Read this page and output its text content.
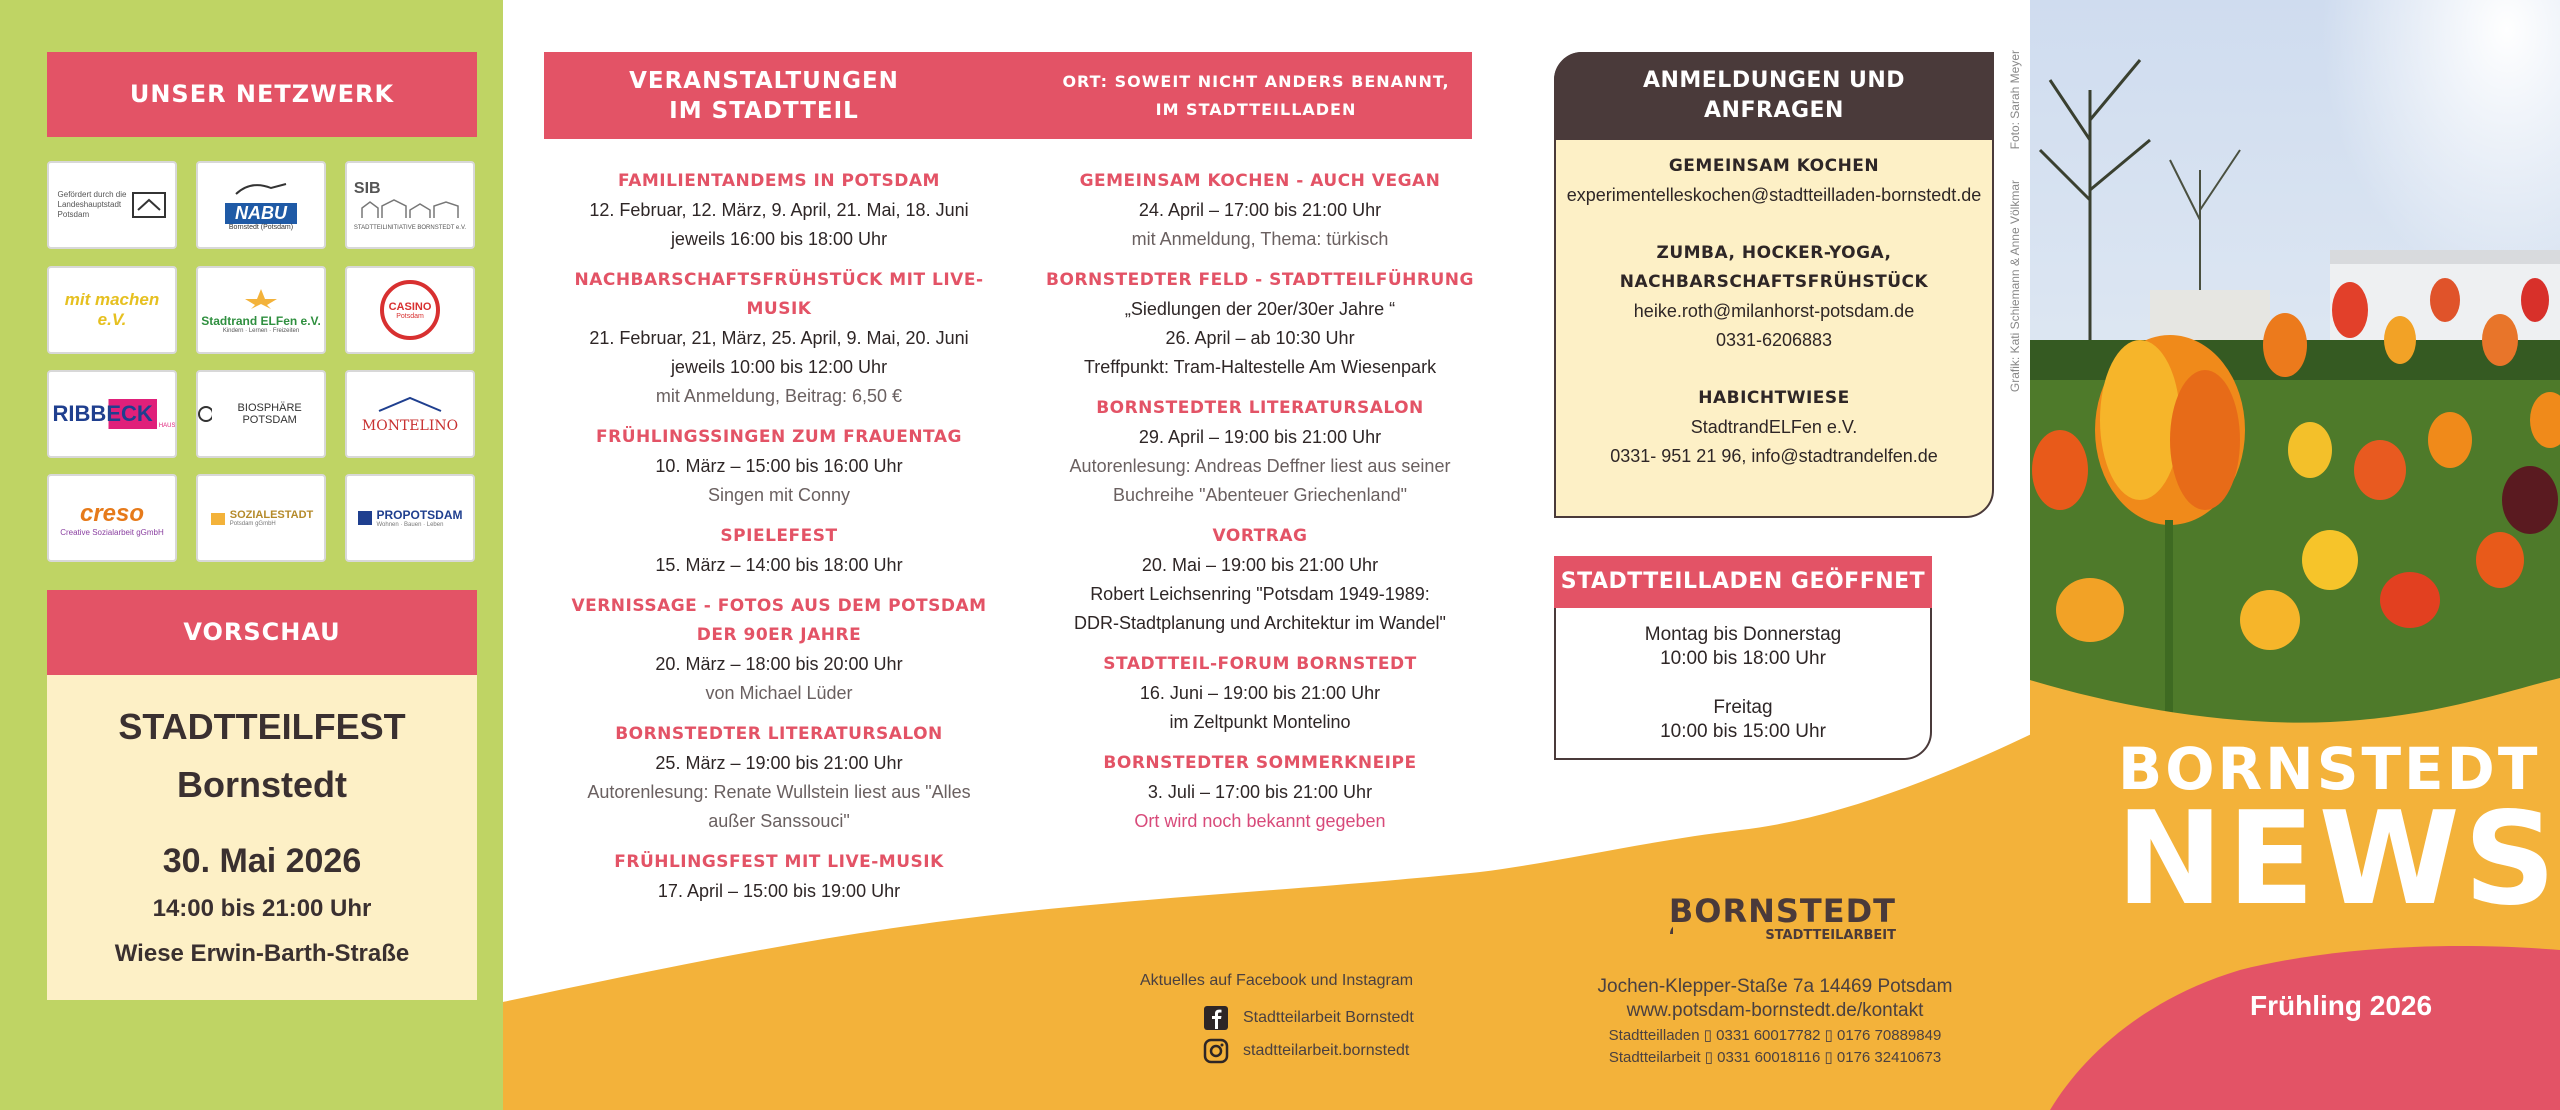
UNSER NETZWERK
Gefördert durch die
Landeshauptstadt
Potsdam	NABU
Bornstedt (Potsdam)
SIB
STADTTEILINITIATIVE BORNSTEDT e.V.
mit machen e.V.	Stadtrand ELFen e.V.
Kindern · Lernen · Freizeiten
CASINO
Potsdam
RIBBECK	HAUS
BIOSPHÄRE POTSDAM	MONTELINO
creso
Creative Sozialarbeit gGmbH
SOZIALESTADT
Potsdam gGmbH
PROPOTSDAM
Wohnen · Bauen · Leben
VORSCHAU
STADTTEILFEST
Bornstedt
30. Mai 2026
14:00 bis 21:00 Uhr
Wiese Erwin-Barth-Straße
VERANSTALTUNGEN
IM STADTTEIL
ORT: SOWEIT NICHT ANDERS BENANNT,
IM STADTTEILLADEN
FAMILIENTANDEMS IN POTSDAM
12. Februar, 12. März, 9. April, 21. Mai, 18. Juni
jeweils 16:00 bis 18:00 Uhr
NACHBARSCHAFTSFRÜHSTÜCK MIT LIVE-MUSIK
21. Februar, 21, März, 25. April, 9. Mai, 20. Juni
jeweils 10:00 bis 12:00 Uhr
mit Anmeldung, Beitrag: 6,50 €
FRÜHLINGSSINGEN ZUM FRAUENTAG
10. März – 15:00 bis 16:00 Uhr
Singen mit Conny
SPIELEFEST
15. März – 14:00 bis 18:00 Uhr
VERNISSAGE - FOTOS AUS DEM POTSDAM
DER 90ER JAHRE
20. März – 18:00 bis 20:00 Uhr
von Michael Lüder
BORNSTEDTER LITERATURSALON
25. März – 19:00 bis 21:00 Uhr
Autorenlesung: Renate Wullstein liest aus "Alles
außer Sanssouci"
FRÜHLINGSFEST MIT LIVE-MUSIK
17. April – 15:00 bis 19:00 Uhr
GEMEINSAM KOCHEN - AUCH VEGAN
24. April – 17:00 bis 21:00 Uhr
mit Anmeldung, Thema: türkisch
BORNSTEDTER FELD - STADTTEILFÜHRUNG
„Siedlungen der 20er/30er Jahre “
26. April – ab 10:30 Uhr
Treffpunkt: Tram-Haltestelle Am Wiesenpark
BORNSTEDTER LITERATURSALON
29. April – 19:00 bis 21:00 Uhr
Autorenlesung: Andreas Deffner liest aus seiner
Buchreihe "Abenteuer Griechenland"
VORTRAG
20. Mai – 19:00 bis 21:00 Uhr
Robert Leichsenring "Potsdam 1949-1989:
DDR-Stadtplanung und Architektur im Wandel"
STADTTEIL-FORUM BORNSTEDT
16. Juni – 19:00 bis 21:00 Uhr
im Zeltpunkt Montelino
BORNSTEDTER SOMMERKNEIPE
3. Juli – 17:00 bis 21:00 Uhr
Ort wird noch bekannt gegeben
ANMELDUNGEN UND
ANFRAGEN
GEMEINSAM KOCHEN
experimentelleskochen@stadtteilladen-bornstedt.de
ZUMBA, HOCKER-YOGA,
NACHBARSCHAFTSFRÜHSTÜCK
heike.roth@milanhorst-potsdam.de
0331-6206883
HABICHTWIESE
StadtrandELFen e.V.
0331- 951 21 96, info@stadtrandelfen.de
STADTTEILLADEN GEÖFFNET
Montag bis Donnerstag
10:00 bis 18:00 Uhr
Freitag
10:00 bis 15:00 Uhr
Aktuelles auf Facebook und Instagram
Stadtteilarbeit Bornstedt
stadtteilarbeit.bornstedt
BORNSTEDT
STADTTEILARBEIT
Jochen-Klepper-Staße 7a 14469 Potsdam
www.potsdam-bornstedt.de/kontakt
Stadtteilladen ▯ 0331 60017782 ▯ 0176 70889849
Stadtteilarbeit ▯ 0331 60018116 ▯ 0176 32410673
BORNSTEDT
NEWS
Frühling 2026
Foto: Sarah Meyer
Grafik: Kati Schiemann & Anne Völkmar
